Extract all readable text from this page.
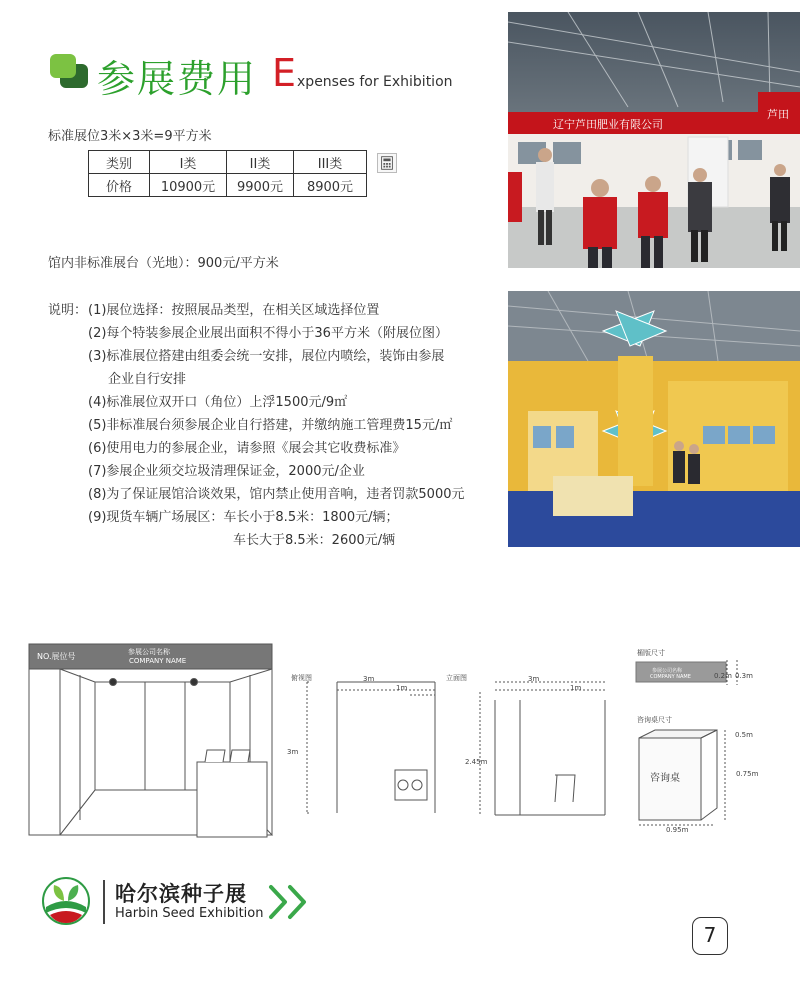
参展费用 Expenses for Exhibition
标准展位3米×3米=9平方米
类别	I类	II类	III类
价格	10900元	9900元	8900元
馆内非标准展台（光地）：900元/平方米
说明：(1)展位选择：按照展品类型，在相关区域选择位置
(2)每个特装参展企业展出面积不得小于36平方米（附展位图）
(3)标准展位搭建由组委会统一安排，展位内喷绘，装饰由参展
企业自行安排
(4)标准展位双开口（角位）上浮1500元/9㎡
(5)非标准展台须参展企业自行搭建，并缴纳施工管理费15元/㎡
(6)使用电力的参展企业，请参照《展会其它收费标准》
(7)参展企业须交垃圾清理保证金，2000元/企业
(8)为了保证展馆洽谈效果，馆内禁止使用音响，违者罚款5000元
(9)现货车辆广场展区：车长小于8.5米：1800元/辆；
车长大于8.5米：2600元/辆
芦田
辽宁芦田肥业有限公司
NO.展位号	参展公司名称
COMPANY NAME
俯视图	3m
1m
3m
立面图	3m
1m
2.45m
楣版尺寸
参展公司名称
COMPANY NAME	0.2m 0.3m
咨询桌尺寸
0.5m
0.75m
0.95m
咨询桌
哈尔滨种子展
Harbin Seed Exhibition
7
